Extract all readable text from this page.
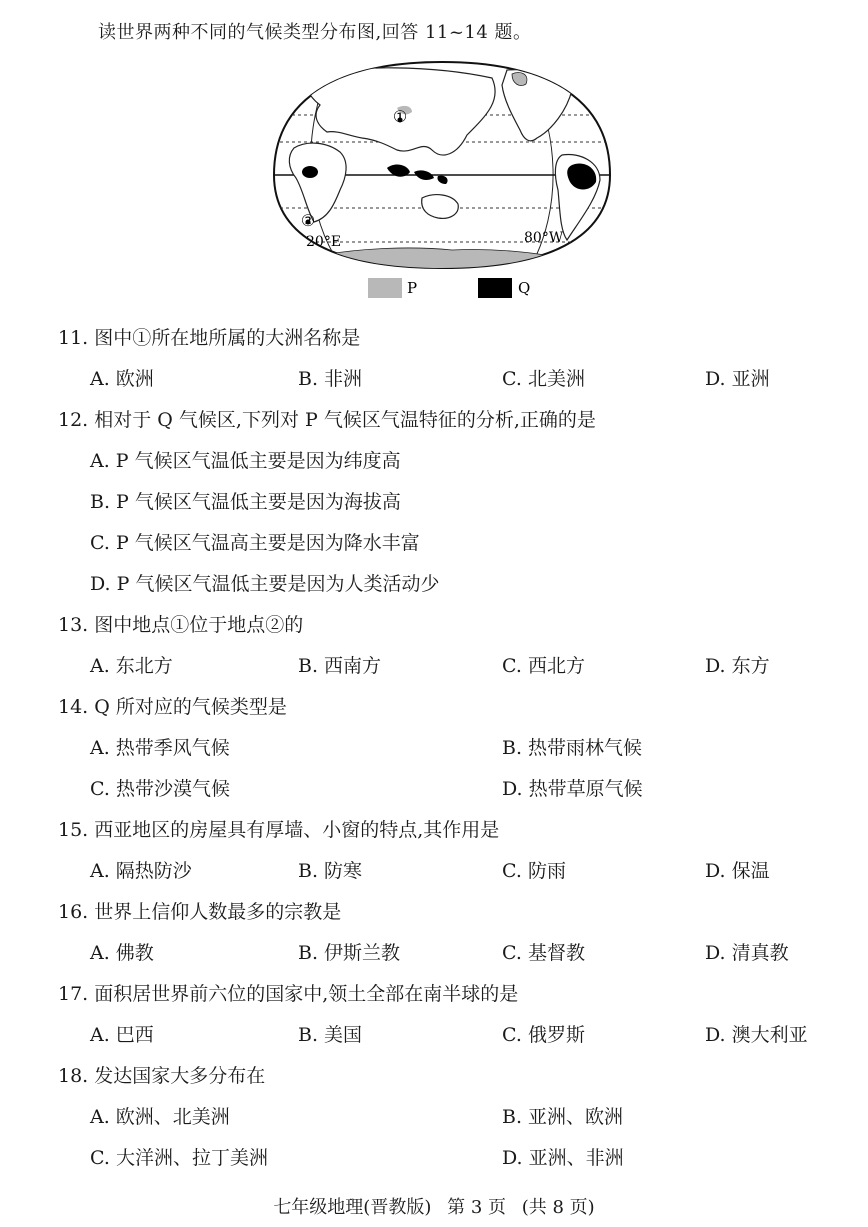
读世界两种不同的气候类型分布图,回答 11~14 题。
①
②
20°E	80°W
P	Q
11. 图中①所在地所属的大洲名称是
A. 欧洲	B. 非洲	C. 北美洲	D. 亚洲
12. 相对于 Q 气候区,下列对 P 气候区气温特征的分析,正确的是
A. P 气候区气温低主要是因为纬度高
B. P 气候区气温低主要是因为海拔高
C. P 气候区气温高主要是因为降水丰富
D. P 气候区气温低主要是因为人类活动少
13. 图中地点①位于地点②的
A. 东北方	B. 西南方	C. 西北方	D. 东方
14. Q 所对应的气候类型是
A. 热带季风气候	B. 热带雨林气候
C. 热带沙漠气候	D. 热带草原气候
15. 西亚地区的房屋具有厚墙、小窗的特点,其作用是
A. 隔热防沙	B. 防寒	C. 防雨	D. 保温
16. 世界上信仰人数最多的宗教是
A. 佛教	B. 伊斯兰教	C. 基督教	D. 清真教
17. 面积居世界前六位的国家中,领土全部在南半球的是
A. 巴西	B. 美国	C. 俄罗斯	D. 澳大利亚
18. 发达国家大多分布在
A. 欧洲、北美洲	B. 亚洲、欧洲
C. 大洋洲、拉丁美洲	D. 亚洲、非洲
七年级地理(晋教版) 第 3 页 (共 8 页)
